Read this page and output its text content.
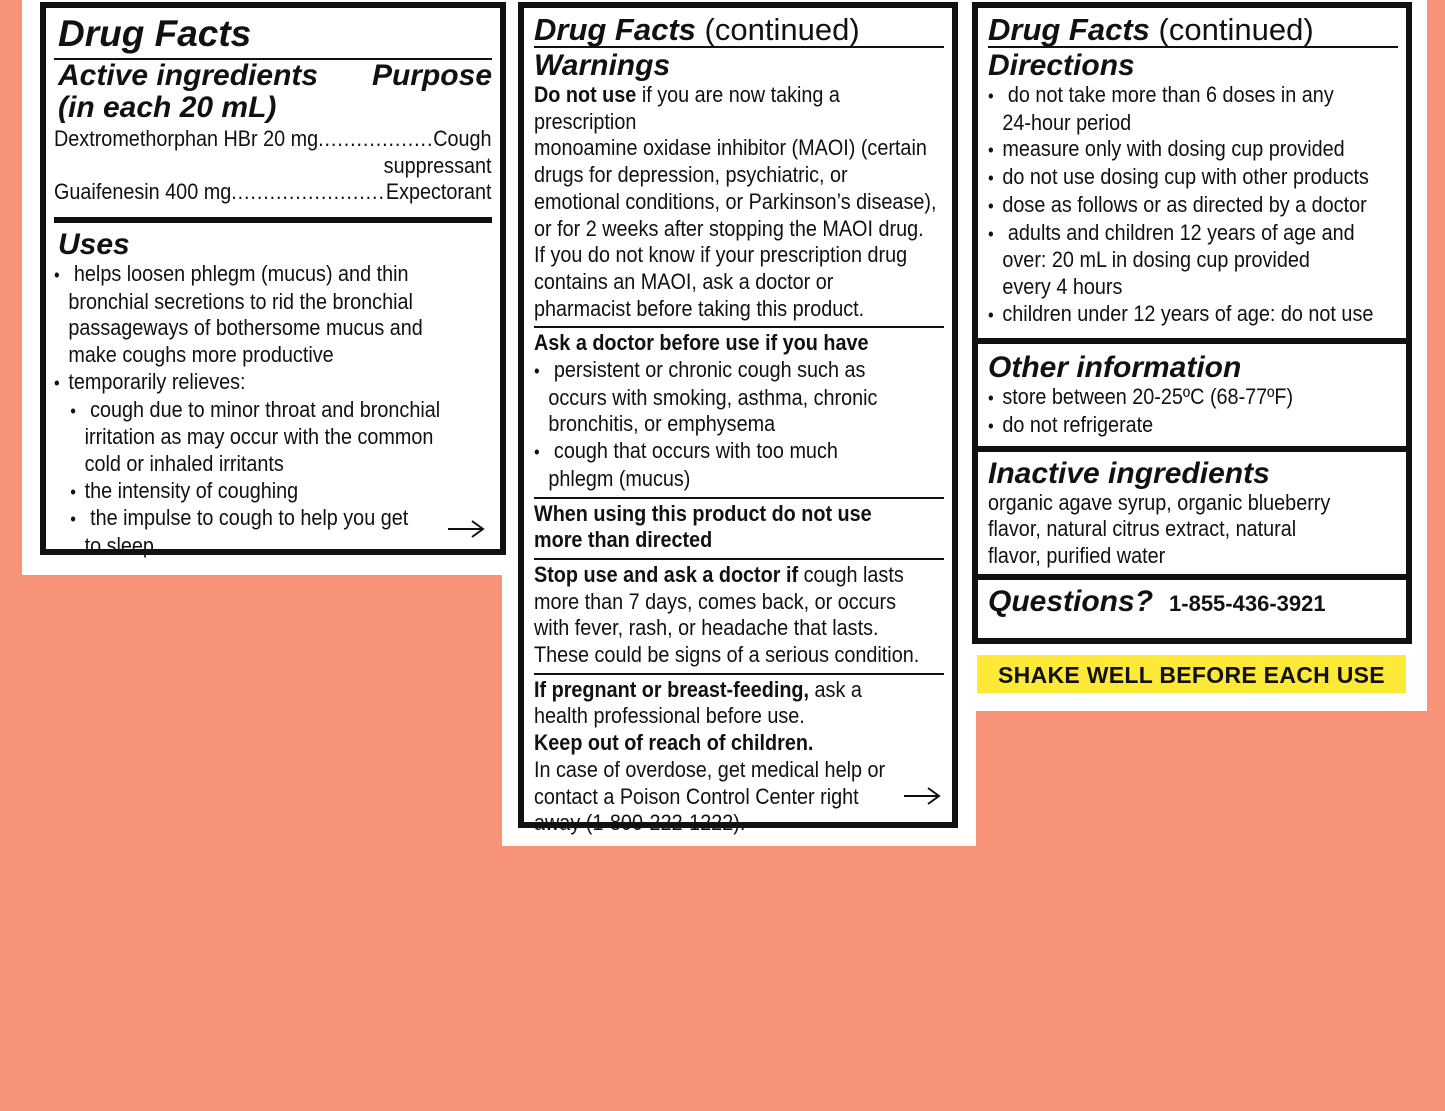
Drug Facts
Active ingredients
(in each 20 mL)
Purpose
Dextromethorphan HBr 20 mg .....	Cough
suppressant
Guaifenesin 400 mg .....	Expectorant
Uses
• helps loosen phlegm (mucus) and thin
bronchial secretions to rid the bronchial
passageways of bothersome mucus and
make coughs more productive
• temporarily relieves:
• cough due to minor throat and bronchial
irritation as may occur with the common
cold or inhaled irritants
• the intensity of coughing
• the impulse to cough to help you get
to sleep
Drug Facts (continued)
Warnings
Do not use if you are now taking a prescription
monoamine oxidase inhibitor (MAOI) (certain
drugs for depression, psychiatric, or
emotional conditions, or Parkinson’s disease),
or for 2 weeks after stopping the MAOI drug.
If you do not know if your prescription drug
contains an MAOI, ask a doctor or
pharmacist before taking this product.
Ask a doctor before use if you have
• persistent or chronic cough such as
occurs with smoking, asthma, chronic
bronchitis, or emphysema
• cough that occurs with too much
phlegm (mucus)
When using this product do not use
more than directed
Stop use and ask a doctor if cough lasts
more than 7 days, comes back, or occurs
with fever, rash, or headache that lasts.
These could be signs of a serious condition.
If pregnant or breast-feeding, ask a
health professional before use.
Keep out of reach of children.
In case of overdose, get medical help or
contact a Poison Control Center right
away (1-800-222-1222).
Drug Facts (continued)
Directions
• do not take more than 6 doses in any
24-hour period
• measure only with dosing cup provided
• do not use dosing cup with other products
• dose as follows or as directed by a doctor
• adults and children 12 years of age and
over: 20 mL in dosing cup provided
every 4 hours
• children under 12 years of age: do not use
Other information
• store between 20-25ºC (68-77ºF)
• do not refrigerate
Inactive ingredients
organic agave syrup, organic blueberry
flavor, natural citrus extract, natural
flavor, purified water
Questions? 1-855-436-3921
SHAKE WELL BEFORE EACH USE
